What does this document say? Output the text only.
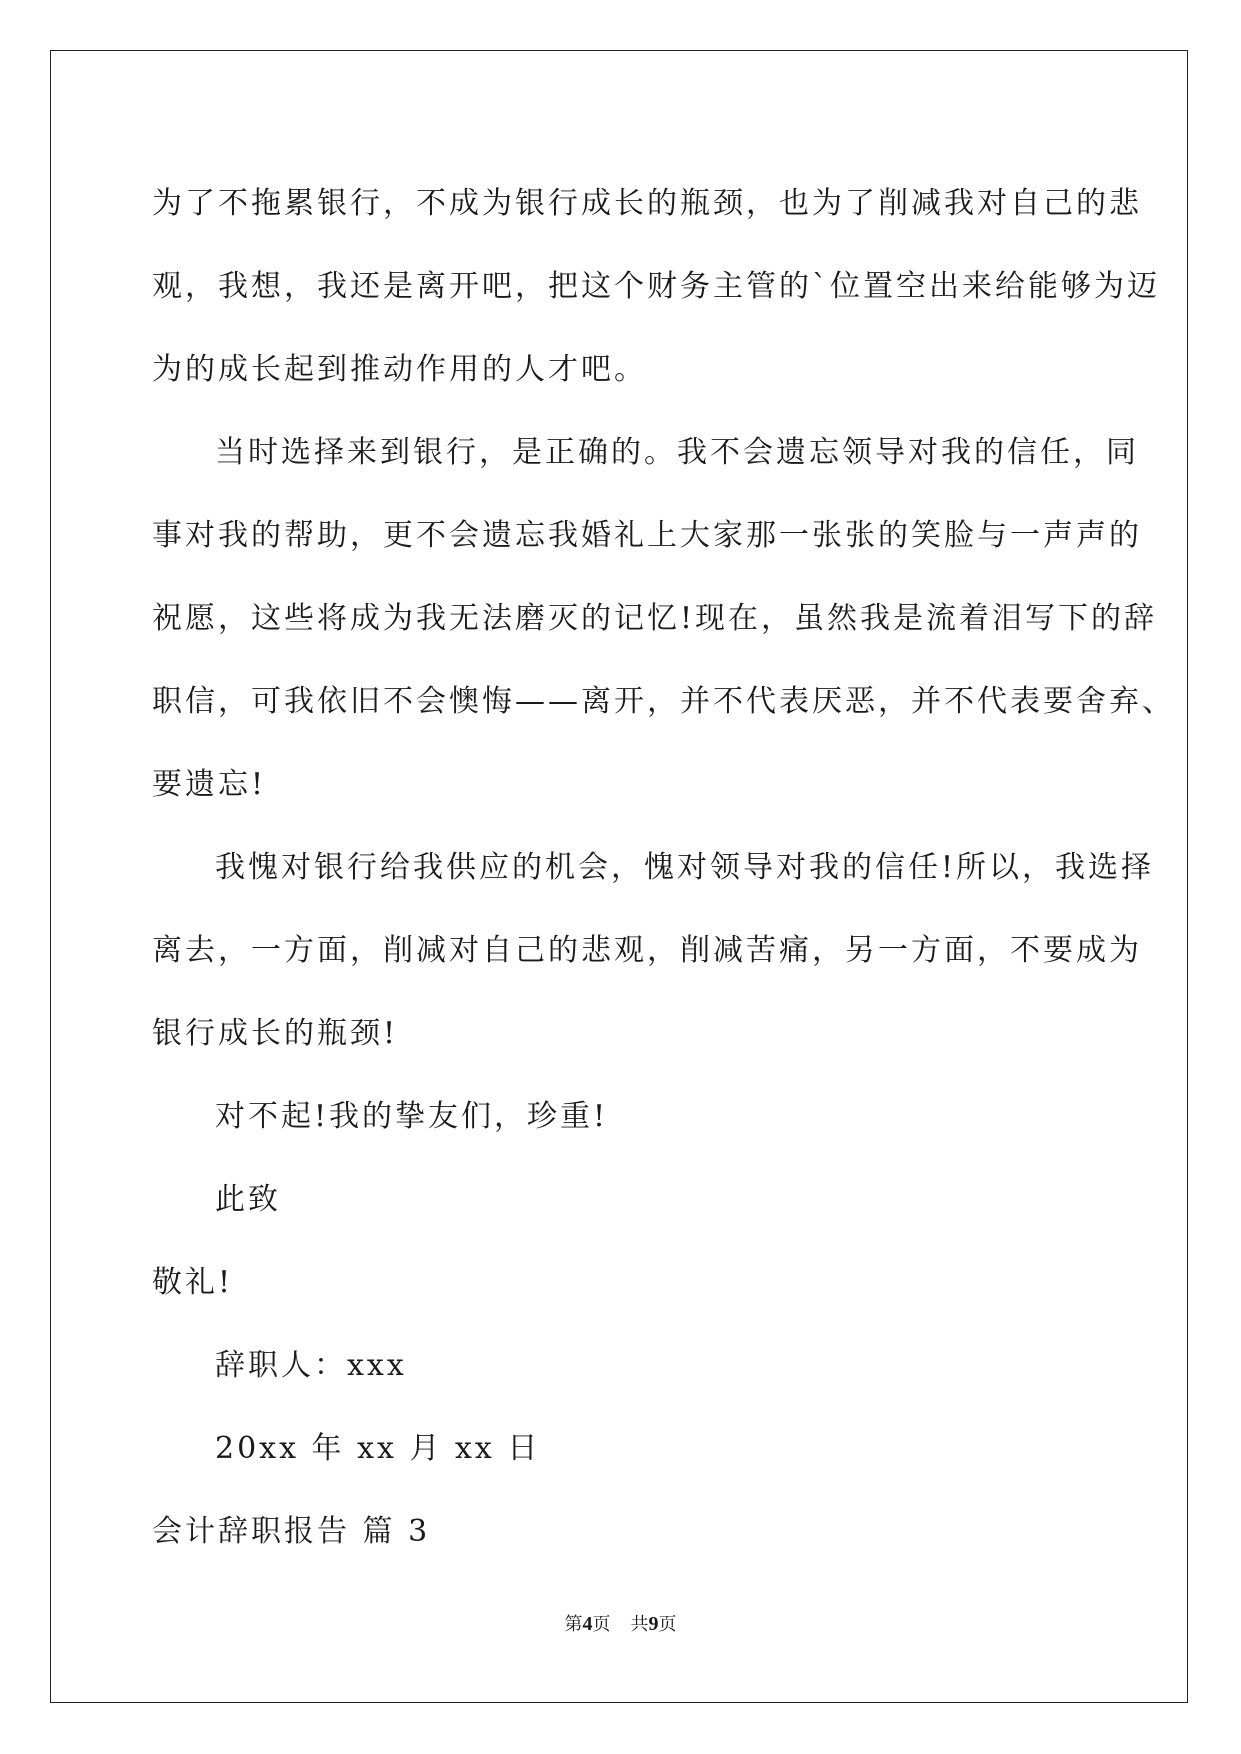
为了不拖累银行，不成为银行成长的瓶颈，也为了削减我对自己的悲
观，我想，我还是离开吧，把这个财务主管的`位置空出来给能够为迈
为的成长起到推动作用的人才吧。
当时选择来到银行，是正确的。我不会遗忘领导对我的信任，同
事对我的帮助，更不会遗忘我婚礼上大家那一张张的笑脸与一声声的
祝愿，这些将成为我无法磨灭的记忆!现在，虽然我是流着泪写下的辞
职信，可我依旧不会懊悔——离开，并不代表厌恶，并不代表要舍弃、
要遗忘!
我愧对银行给我供应的机会，愧对领导对我的信任!所以，我选择
离去，一方面，削减对自己的悲观，削减苦痛，另一方面，不要成为
银行成长的瓶颈!
对不起!我的挚友们，珍重!
此致
敬礼!
辞职人：xxx
20xx 年 xx 月 xx 日
会计辞职报告 篇 3
第4页 共9页
